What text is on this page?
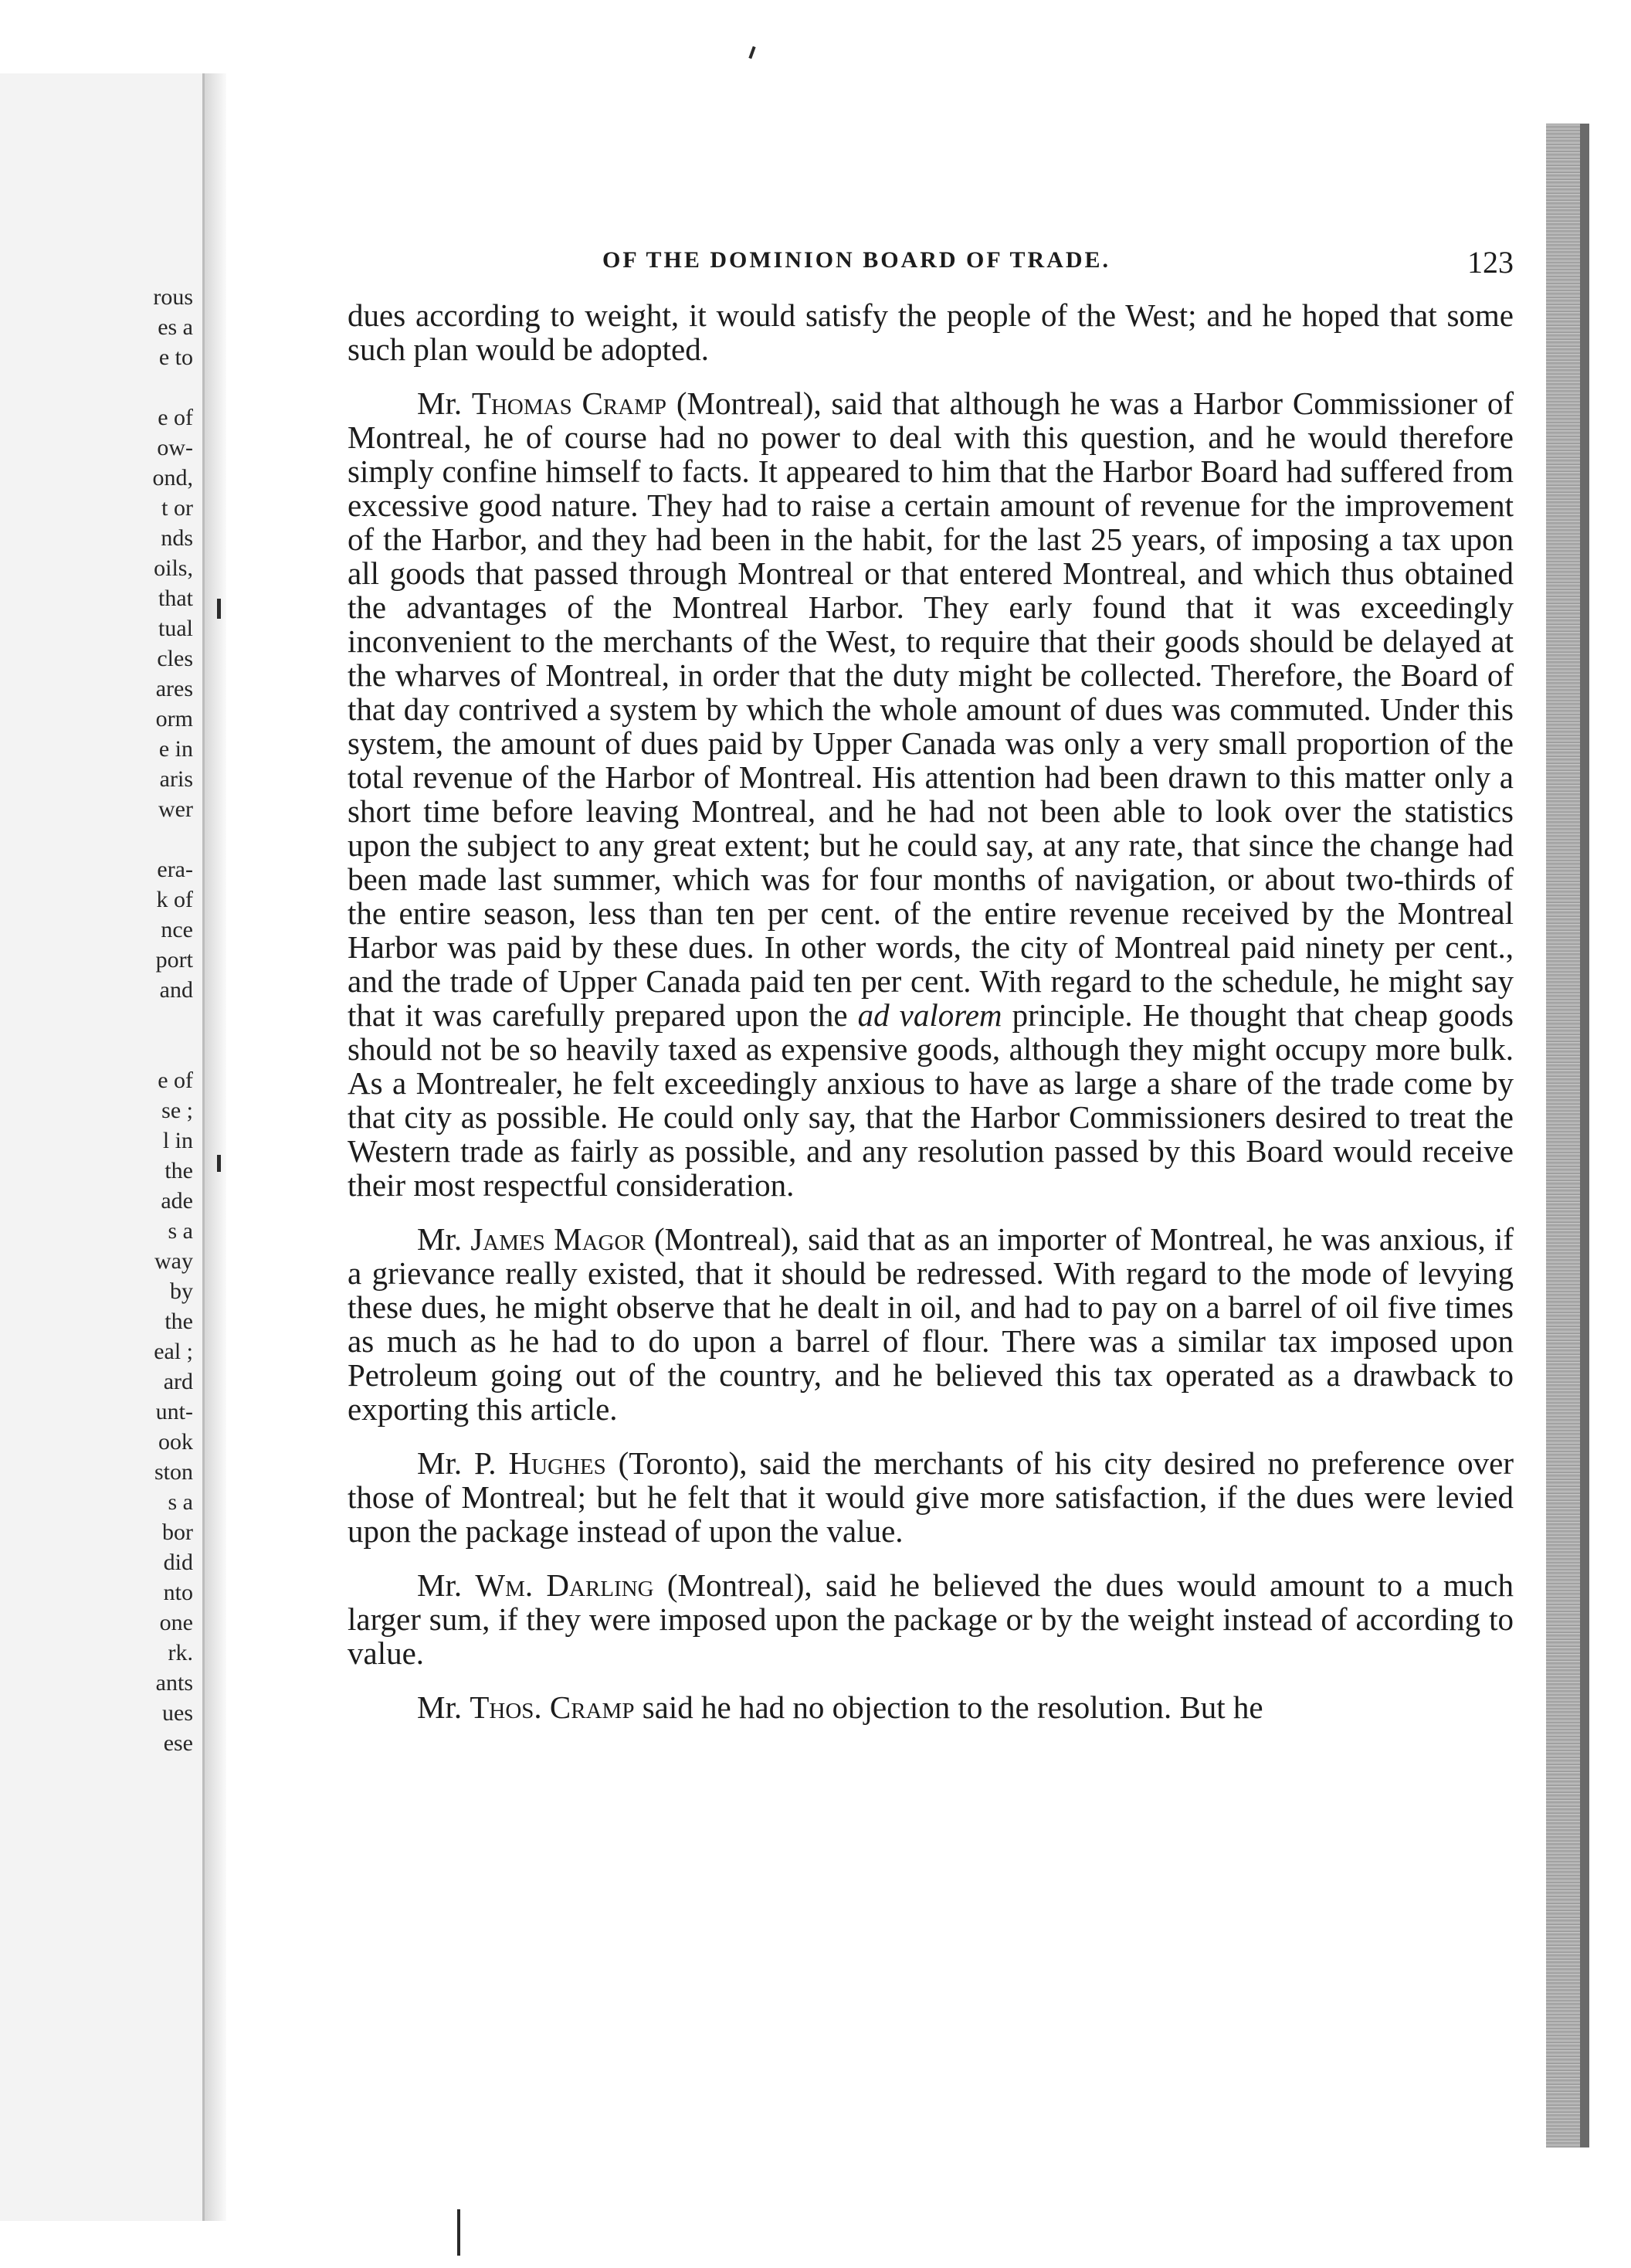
rous
es a
e to
e of
ow-
ond,
t or
nds
oils,
that
tual
cles
ares
orm
e in
aris
wer
era-
k of
nce
port
and
e of
se ;
l in
the
ade
s a
way
by
the
eal ;
ard
unt-
ook
ston
s a
bor
did
nto
one
rk.
ants
ues
ese
OF THE DOMINION BOARD OF TRADE.	123

dues according to weight, it would satisfy the people of the West; and he hoped that some such plan would be adopted.

Mr. Thomas Cramp (Montreal), said that although he was a Harbor Commissioner of Montreal, he of course had no power to deal with this question, and he would therefore simply confine himself to facts. It appeared to him that the Harbor Board had suffered from excessive good nature. They had to raise a certain amount of revenue for the improvement of the Harbor, and they had been in the habit, for the last 25 years, of imposing a tax upon all goods that passed through Montreal or that entered Montreal, and which thus obtained the advantages of the Montreal Harbor. They early found that it was exceedingly inconvenient to the merchants of the West, to require that their goods should be delayed at the wharves of Montreal, in order that the duty might be collected. Therefore, the Board of that day contrived a system by which the whole amount of dues was commuted. Under this system, the amount of dues paid by Upper Canada was only a very small proportion of the total revenue of the Harbor of Montreal. His attention had been drawn to this matter only a short time before leaving Montreal, and he had not been able to look over the statistics upon the subject to any great extent; but he could say, at any rate, that since the change had been made last summer, which was for four months of navigation, or about two-thirds of the entire season, less than ten per cent. of the entire revenue received by the Montreal Harbor was paid by these dues. In other words, the city of Montreal paid ninety per cent., and the trade of Upper Canada paid ten per cent. With regard to the schedule, he might say that it was carefully prepared upon the ad valorem principle. He thought that cheap goods should not be so heavily taxed as expensive goods, although they might occupy more bulk. As a Montrealer, he felt exceedingly anxious to have as large a share of the trade come by that city as possible. He could only say, that the Harbor Commissioners desired to treat the Western trade as fairly as possible, and any resolution passed by this Board would receive their most respectful consideration.

Mr. James Magor (Montreal), said that as an importer of Montreal, he was anxious, if a grievance really existed, that it should be redressed. With regard to the mode of levying these dues, he might observe that he dealt in oil, and had to pay on a barrel of oil five times as much as he had to do upon a barrel of flour. There was a similar tax imposed upon Petroleum going out of the country, and he believed this tax operated as a drawback to exporting this article.

Mr. P. Hughes (Toronto), said the merchants of his city desired no preference over those of Montreal; but he felt that it would give more satisfaction, if the dues were levied upon the package instead of upon the value.

Mr. Wm. Darling (Montreal), said he believed the dues would amount to a much larger sum, if they were imposed upon the package or by the weight instead of according to value.

Mr. Thos. Cramp said he had no objection to the resolution. But he
